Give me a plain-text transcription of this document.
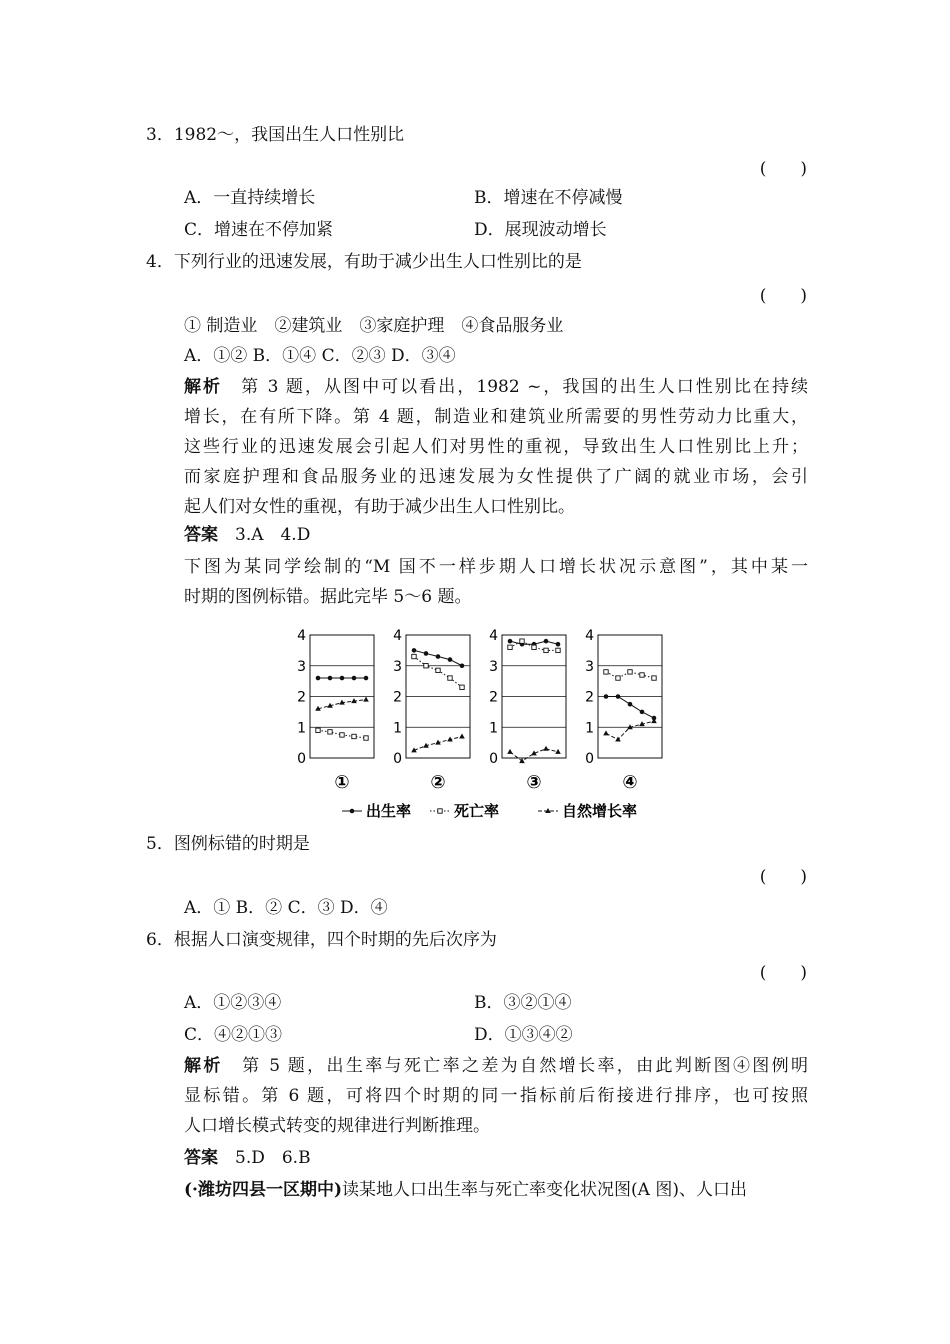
3．1982～，我国出生人口性别比
(　　)
A．一直持续增长	B．增速在不停减慢
C．增速在不停加紧	D．展现波动增长
4．下列行业的迅速发展，有助于减少出生人口性别比的是
(　　)
① 制造业　②建筑业　③家庭护理　④食品服务业
A．①② B．①④ C．②③ D．③④
解析　 第 3 题，从图中可以看出，1982 ~，我国的出生人口性别比在持续
增长，在有所下降。第 4 题，制造业和建筑业所需要的男性劳动力比重大，
这些行业的迅速发展会引起人们对男性的重视，导致出生人口性别比上升；
而家庭护理和食品服务业的迅速发展为女性提供了广阔的就业市场，会引
起人们对女性的重视，有助于减少出生人口性别比。
答案　 3.A　4.D
下图为某同学绘制的“M 国不一样步期人口增长状况示意图”，其中某一
时期的图例标错。据此完毕 5～6 题。
0
1
2
3
4
①
0
1
2
3
4
②
0
1
2
3
4
③
0
1
2
3
4
④
出生率	死亡率	自然增长率
5．图例标错的时期是
(　　)
A．① B．② C．③ D．④
6．根据人口演变规律，四个时期的先后次序为
(　　)
A．①②③④	B．③②①④
C．④②①③	D．①③④②
解析　 第 5 题，出生率与死亡率之差为自然增长率，由此判断图④图例明
显标错。第 6 题，可将四个时期的同一指标前后衔接进行排序，也可按照
人口增长模式转变的规律进行判断推理。
答案　 5.D　6.B
(·潍坊四县一区期中)读某地人口出生率与死亡率变化状况图(A 图)、人口出
